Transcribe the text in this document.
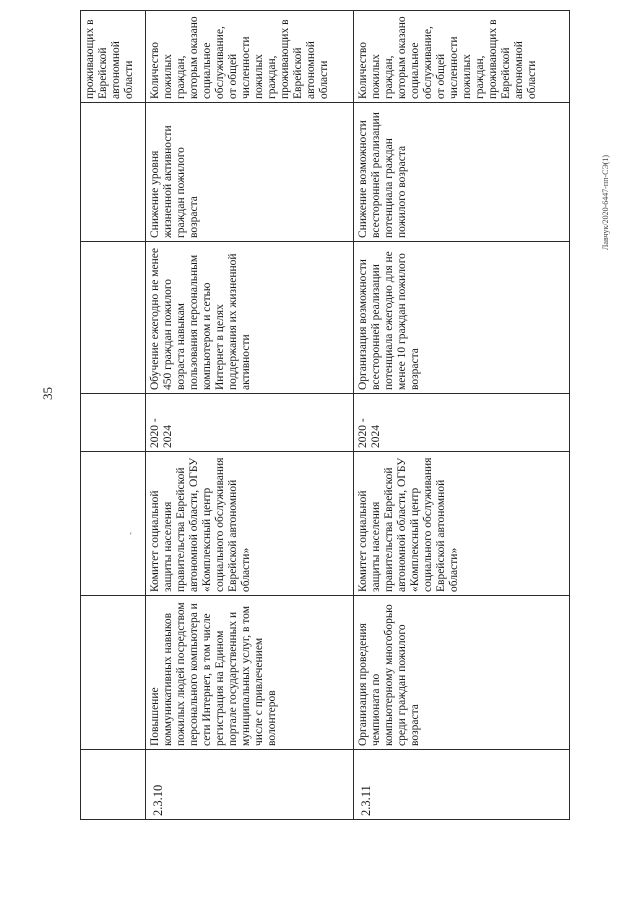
35
Лавчук/2020-6447-пп-СЭ(1)
'
						проживающих в Еврейской автономной области
2.3.10	Повышение коммуникативных навыков пожилых людей посредством персонального компьютера и сети Интернет, в том числе регистрация на Едином портале государственных и муниципальных услуг, в том числе с привлечением волонтеров	Комитет социальной защиты населения правительства Еврейской автономной области, ОГБУ «Комплексный центр социального обслуживания Еврейской автономной области»	2020 - 2024	Обучение ежегодно не менее 450 граждан пожилого возраста навыкам пользования персональным компьютером и сетью Интернет в целях поддержания их жизненной активности	Снижение уровня жизненной активности граждан пожилого возраста	Количество пожилых граждан, которым оказано социальное обслуживание, от общей численности пожилых граждан, проживающих в Еврейской автономной области
2.3.11	Организация проведения чемпионата по компьютерному многоборью среди граждан пожилого возраста	Комитет социальной защиты населения правительства Еврейской автономной области, ОГБУ «Комплексный центр социального обслуживания Еврейской автономной области»	2020 - 2024	Организация возможности всесторонней реализации потенциала ежегодно для не менее 10 граждан пожилого возраста	Снижение возможности всесторонней реализации потенциала граждан пожилого возраста	Количество пожилых граждан, которым оказано социальное обслуживание, от общей численности пожилых граждан, проживающих в Еврейской автономной области
